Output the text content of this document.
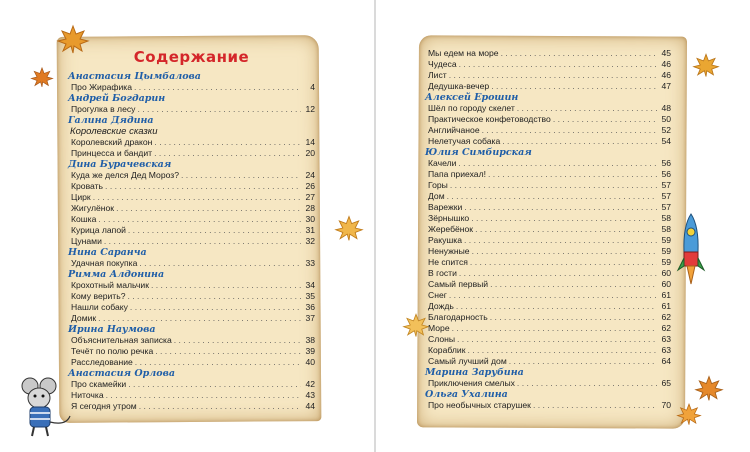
Содержание
Анастасия Цымбалова
Про Жирафика . . .	4
Андрей Богдарин
Прогулка в лесу . . .	12
Галина Дядина
Королевские сказки
Королевский дракон . . .	14
Принцесса и бандит . . .	20
Дина Бурачевская
Куда же делся Дед Мороз? . . .	24
Кровать . . .	26
Цирк . . .	27
Жигулёнок . . .	28
Кошка . . .	30
Курица лапой . . .	31
Цунами . . .	32
Нина Саранча
Удачная покупка . . .	33
Римма Алдонина
Крохотный мальчик . . .	34
Кому верить? . . .	35
Нашли собаку . . .	36
Домик . . .	37
Ирина Наумова
Объяснительная записка . . .	38
Течёт по полю речка . . .	39
Расследование . . .	40
Анастасия Орлова
Про скамейки . . .	42
Ниточка . . .	43
Я сегодня утром . . .	44
Мы едем на море . . .	45
Чудеса . . .	46
Лист . . .	46
Дедушка-вечер . . .	47
Алексей Ерошин
Шёл по городу скелет . . .	48
Практическое конфетоводство . . .	50
Английчаное . . .	52
Нелетучая собака . . .	54
Юлия Симбирская
Качели . . .	56
Папа приехал! . . .	56
Горы . . .	57
Дом . . .	57
Варежки . . .	57
Зёрнышко . . .	58
Жеребёнок . . .	58
Ракушка . . .	59
Ненужные . . .	59
Не спится . . .	59
В гости . . .	60
Самый первый . . .	60
Снег . . .	61
Дождь . . .	61
Благодарность . . .	62
Море . . .	62
Слоны . . .	63
Кораблик . . .	63
Самый лучший дом . . .	64
Марина Зарубина
Приключения смелых . . .	65
Ольга Ухалина
Про необычных старушек . . .	70
